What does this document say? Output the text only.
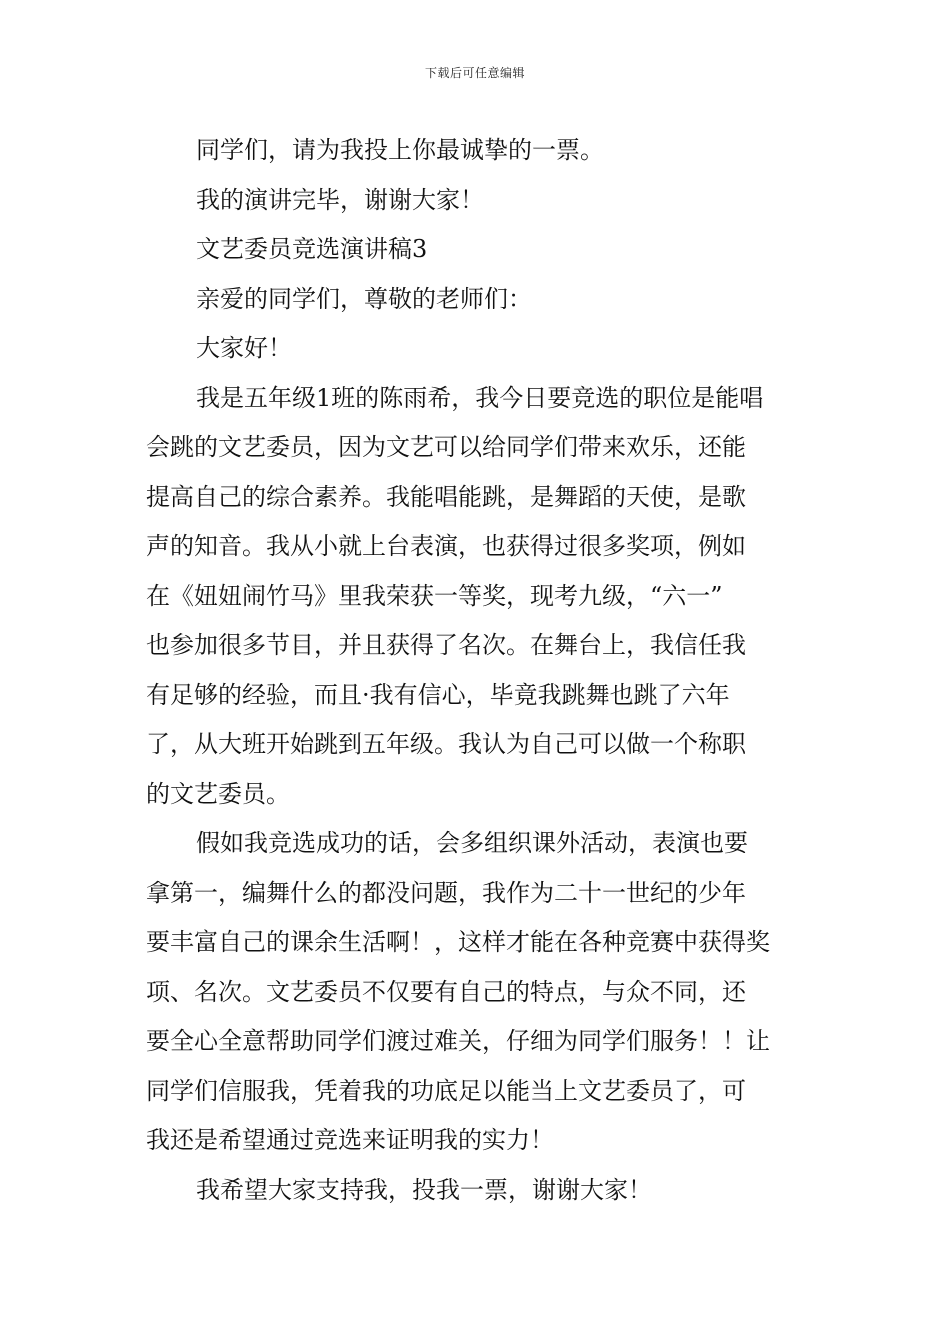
下载后可任意编辑
同学们，请为我投上你最诚挚的一票。
我的演讲完毕，谢谢大家！
文艺委员竞选演讲稿3
亲爱的同学们，尊敬的老师们：
大家好！
我是五年级1班的陈雨希，我今日要竞选的职位是能唱
会跳的文艺委员，因为文艺可以给同学们带来欢乐，还能
提高自己的综合素养。我能唱能跳，是舞蹈的天使，是歌
声的知音。我从小就上台表演，也获得过很多奖项，例如
在《妞妞闹竹马》里我荣获一等奖，现考九级，“六一”
也参加很多节目，并且获得了名次。在舞台上，我信任我
有足够的经验，而且·我有信心，毕竟我跳舞也跳了六年
了，从大班开始跳到五年级。我认为自己可以做一个称职
的文艺委员。
假如我竞选成功的话，会多组织课外活动，表演也要
拿第一，编舞什么的都没问题，我作为二十一世纪的少年
要丰富自己的课余生活啊！，这样才能在各种竞赛中获得奖
项、名次。文艺委员不仅要有自己的特点，与众不同，还
要全心全意帮助同学们渡过难关，仔细为同学们服务！！让
同学们信服我，凭着我的功底足以能当上文艺委员了，可
我还是希望通过竞选来证明我的实力！
我希望大家支持我，投我一票，谢谢大家！
